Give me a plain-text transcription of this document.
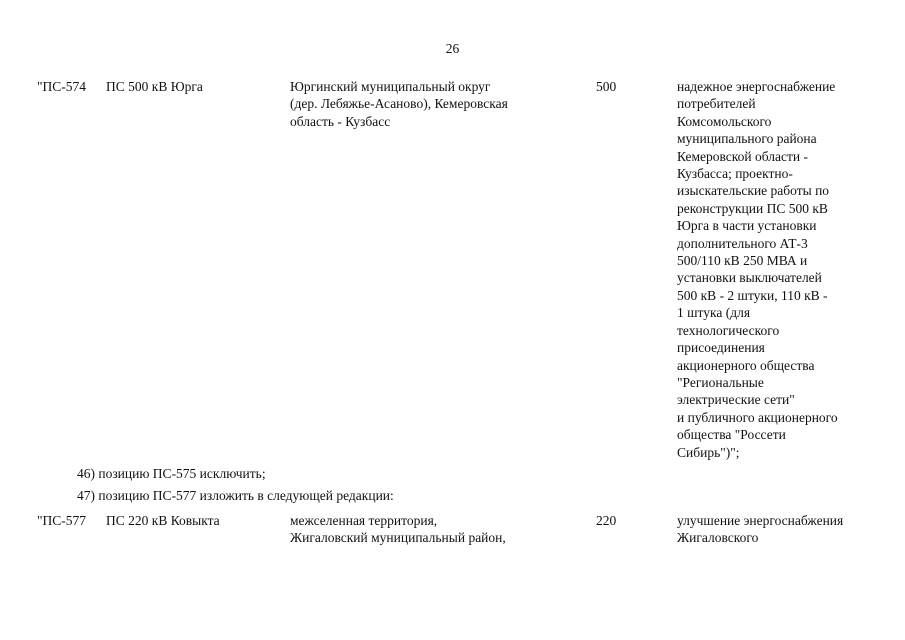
26
"ПС-574 ПС 500 кВ Юрга	Юргинский муниципальный округ
(дер. Лебяжье-Асаново), Кемеровская
область - Кузбасс
500	надежное энергоснабжение
потребителей
Комсомольского
муниципального района
Кемеровской области -
Кузбасса; проектно-
изыскательские работы по
реконструкции ПС 500 кВ
Юрга в части установки
дополнительного АТ-3
500/110 кВ 250 МВА и
установки выключателей
500 кВ - 2 штуки, 110 кВ -
1 штука (для
технологического
присоединения
акционерного общества
"Региональные
электрические сети"
и публичного акционерного
общества "Россети
Сибирь")";
46) позицию ПС-575 исключить;
47) позицию ПС-577 изложить в следующей редакции:
"ПС-577 ПС 220 кВ Ковыкта	межселенная территория,
Жигаловский муниципальный район,
220	улучшение энергоснабжения
Жигаловского
